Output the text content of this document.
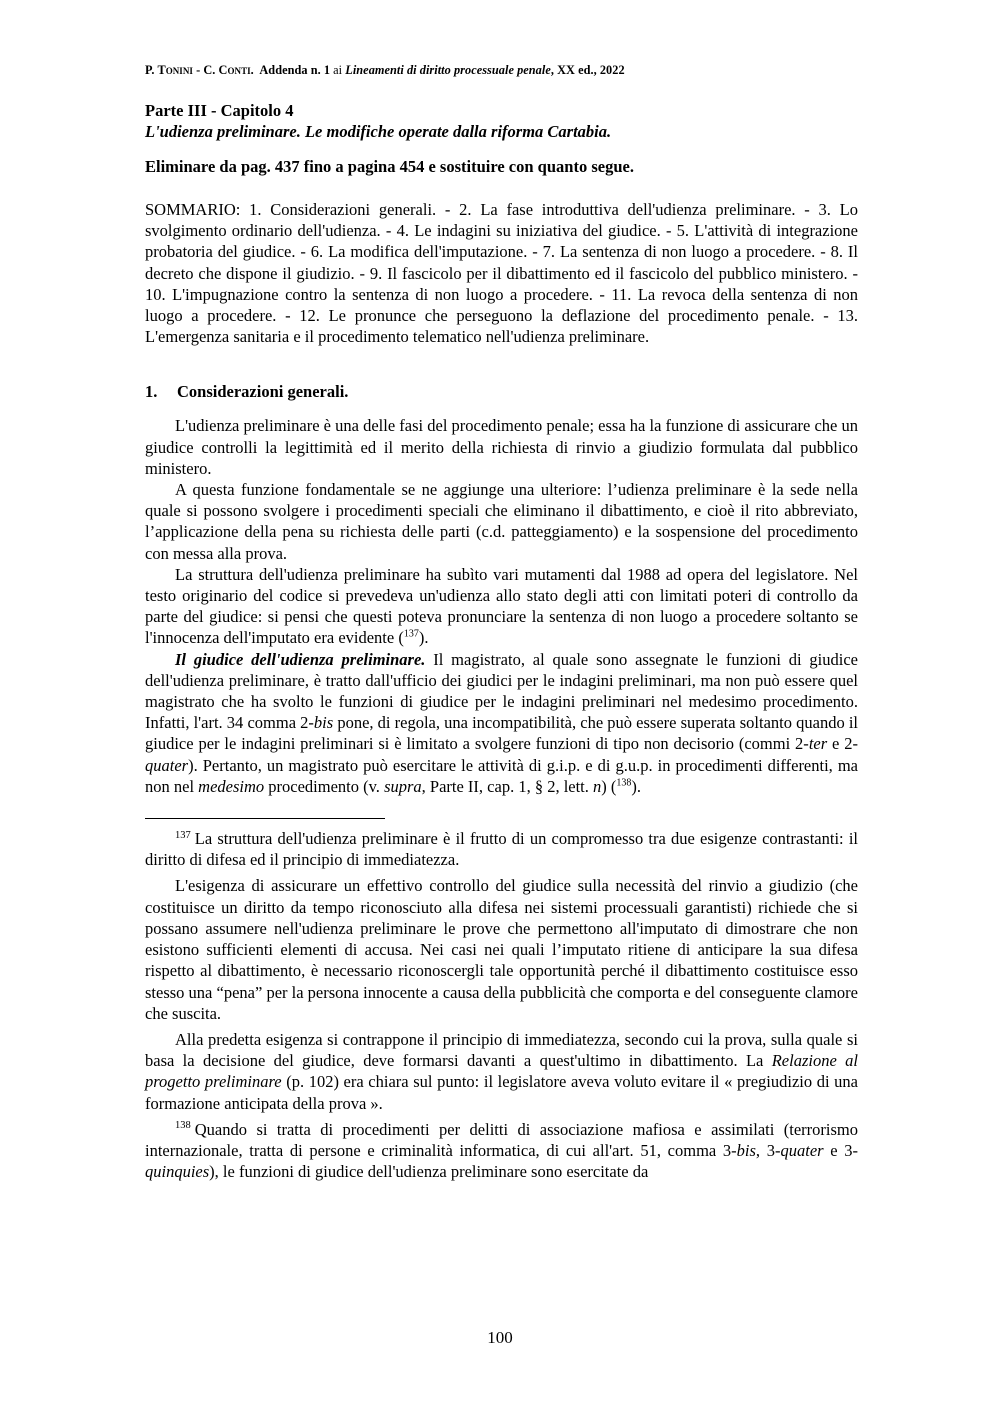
P. Tonini - C. Conti. Addenda n. 1 ai Lineamenti di diritto processuale penale, XX ed., 2022
Parte III - Capitolo 4
L'udienza preliminare. Le modifiche operate dalla riforma Cartabia.
Eliminare da pag. 437 fino a pagina 454 e sostituire con quanto segue.
SOMMARIO: 1. Considerazioni generali. - 2. La fase introduttiva dell'udienza preliminare. - 3. Lo svolgimento ordinario dell'udienza. - 4. Le indagini su iniziativa del giudice. - 5. L'attività di integrazione probatoria del giudice. - 6. La modifica dell'imputazione. - 7. La sentenza di non luogo a procedere. - 8. Il decreto che dispone il giudizio. - 9. Il fascicolo per il dibattimento ed il fascicolo del pubblico ministero. - 10. L'impugnazione contro la sentenza di non luogo a procedere. - 11. La revoca della sentenza di non luogo a procedere. - 12. Le pronunce che perseguono la deflazione del procedimento penale. - 13. L'emergenza sanitaria e il procedimento telematico nell'udienza preliminare.
1. Considerazioni generali.

L'udienza preliminare è una delle fasi del procedimento penale; essa ha la funzione di assicurare che un giudice controlli la legittimità ed il merito della richiesta di rinvio a giudizio formulata dal pubblico ministero.

A questa funzione fondamentale se ne aggiunge una ulteriore: l’udienza preliminare è la sede nella quale si possono svolgere i procedimenti speciali che eliminano il dibattimento, e cioè il rito abbreviato, l’applicazione della pena su richiesta delle parti (c.d. patteggiamento) e la sospensione del procedimento con messa alla prova.

La struttura dell'udienza preliminare ha subìto vari mutamenti dal 1988 ad opera del legislatore. Nel testo originario del codice si prevedeva un'udienza allo stato degli atti con limitati poteri di controllo da parte del giudice: si pensi che questi poteva pronunciare la sentenza di non luogo a procedere soltanto se l'innocenza dell'imputato era evidente ($^{137}$).

Il giudice dell'udienza preliminare. Il magistrato, al quale sono assegnate le funzioni di giudice dell'udienza preliminare, è tratto dall'ufficio dei giudici per le indagini preliminari, ma non può essere quel magistrato che ha svolto le funzioni di giudice per le indagini preliminari nel medesimo procedimento. Infatti, l'art. 34 comma 2-bis pone, di regola, una incompatibilità, che può essere superata soltanto quando il giudice per le indagini preliminari si è limitato a svolgere funzioni di tipo non decisorio (commi 2-ter e 2-quater). Pertanto, un magistrato può esercitare le attività di g.i.p. e di g.u.p. in procedimenti differenti, ma non nel medesimo procedimento (v. supra, Parte II, cap. 1, § 2, lett. n) ($^{138}$).

$^{137}$ La struttura dell'udienza preliminare è il frutto di un compromesso tra due esigenze contrastanti: il diritto di difesa ed il principio di immediatezza.

L'esigenza di assicurare un effettivo controllo del giudice sulla necessità del rinvio a giudizio (che costituisce un diritto da tempo riconosciuto alla difesa nei sistemi processuali garantisti) richiede che si possano assumere nell'udienza preliminare le prove che permettono all'imputato di dimostrare che non esistono sufficienti elementi di accusa. Nei casi nei quali l’imputato ritiene di anticipare la sua difesa rispetto al dibattimento, è necessario riconoscergli tale opportunità perché il dibattimento costituisce esso stesso una “pena” per la persona innocente a causa della pubblicità che comporta e del conseguente clamore che suscita.

Alla predetta esigenza si contrappone il principio di immediatezza, secondo cui la prova, sulla quale si basa la decisione del giudice, deve formarsi davanti a quest'ultimo in dibattimento. La Relazione al progetto preliminare (p. 102) era chiara sul punto: il legislatore aveva voluto evitare il « pregiudizio di una formazione anticipata della prova ».

$^{138}$ Quando si tratta di procedimenti per delitti di associazione mafiosa e assimilati (terrorismo internazionale, tratta di persone e criminalità informatica, di cui all'art. 51, comma 3-bis, 3-quater e 3-quinquies), le funzioni di giudice dell'udienza preliminare sono esercitate da

100
